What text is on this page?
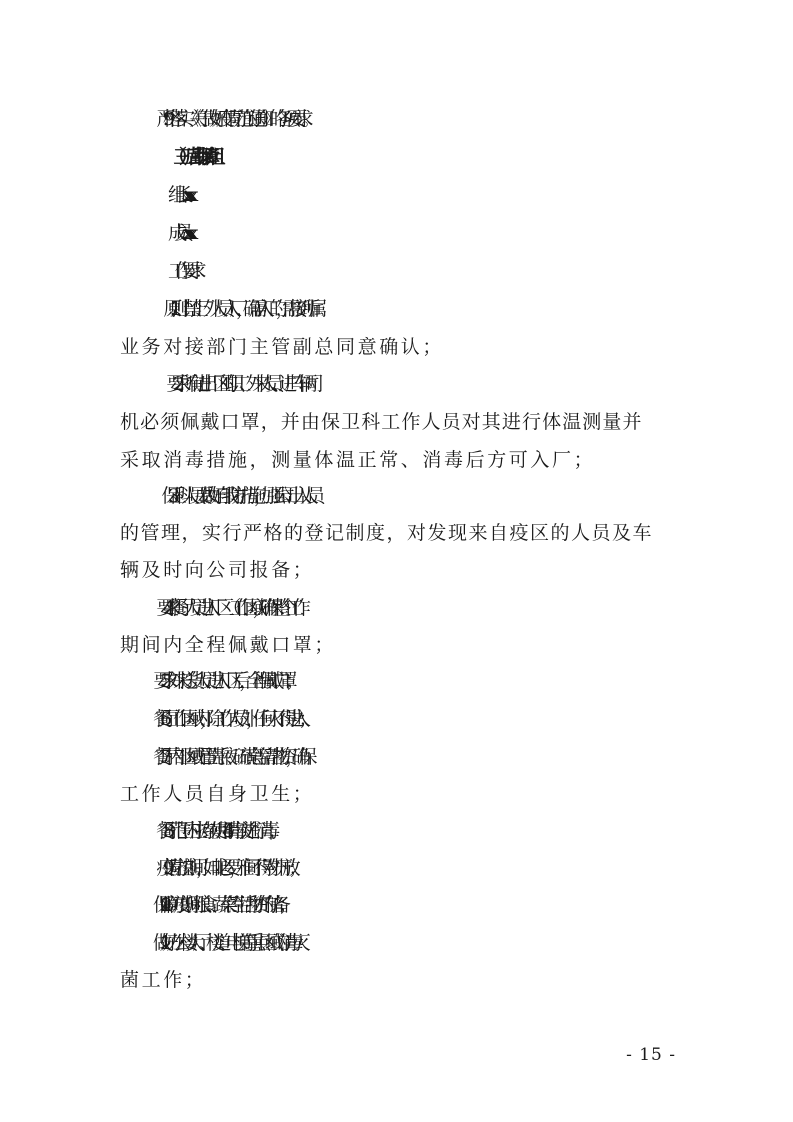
9.严格落实《关于做好疫情防范的通知》的各项要求。
（三）后勤保障组
组长：xxxx、xxxx
成员：xxxx、xxxx
工作要求：
1.原则上禁止厂外人员入厂，确需入厂的，需接到所属
业务对接部门主管副总同意确认；
2.要求所有进出厂区的职工、外来人员、进厂车辆司
机必须佩戴口罩，并由保卫科工作人员对其进行体温测量并
采取消毒措施，测量体温正常、消毒后方可入厂；
3.保卫科人员要做好自我防护措施，加强公司出入人员
的管理，实行严格的登记制度，对发现来自疫区的人员及车
辆及时向公司报备；
4.要求餐厅人员进入厂区（工作区域），确保整个工作
期间内全程佩戴口罩；
5.要求外来送货人员进入厂区后，全程佩戴口罩；
6.餐厅工作区域内，除工作人员外，任何人不得进入；
7.餐厅内部区域配置洗手液、硫磺皂等清洁物资，确保
工作人员自身卫生；
8.餐厅范围内应持续使用84消毒液进行消毒；
9.疫情防控期间，如非必要，雅间不得对外开放；
10.保障防疫期间粮食、蔬菜等生活物资的储备；
11.做好办公楼大厅、楼道、电梯等重点区域的消毒灭
菌工作；
- 15 -
